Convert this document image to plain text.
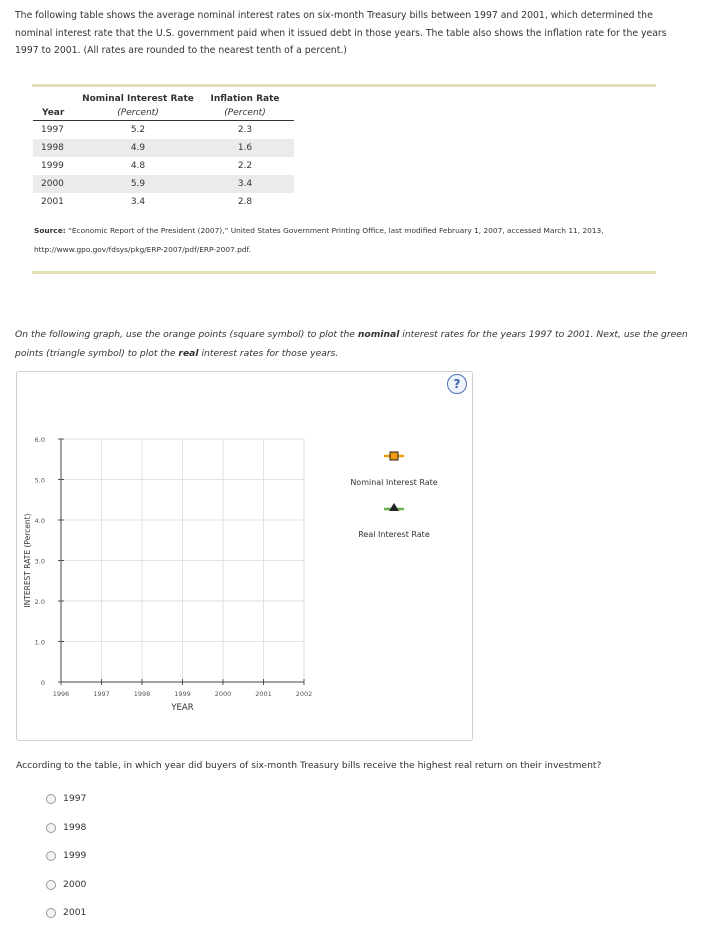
The following table shows the average nominal interest rates on six-month Treasury bills between 1997 and 2001, which determined the nominal interest rate that the U.S. government paid when it issued debt in those years. The table also shows the inflation rate for the years 1997 to 2001. (All rates are rounded to the nearest tenth of a percent.)
	Nominal Interest Rate	Inflation Rate
Year	(Percent)	(Percent)
1997	5.2	2.3
1998	4.9	1.6
1999	4.8	2.2
2000	5.9	3.4
2001	3.4	2.8
Source: “Economic Report of the President (2007),” United States Government Printing Office, last modified February 1, 2007, accessed March 11, 2013, http://www.gpo.gov/fdsys/pkg/ERP-2007/pdf/ERP-2007.pdf.
On the following graph, use the orange points (square symbol) to plot the nominal interest rates for the years 1997 to 2001. Next, use the green points (triangle symbol) to plot the real interest rates for those years.
?
0
1.0
2.0
3.0
4.0
5.0
6.0
1996	1997	1998	1999	2000	2001	2002
YEAR
INTEREST RATE (Percent)
Nominal Interest Rate
Real Interest Rate
According to the table, in which year did buyers of six-month Treasury bills receive the highest real return on their investment?
1997
1998
1999
2000
2001
